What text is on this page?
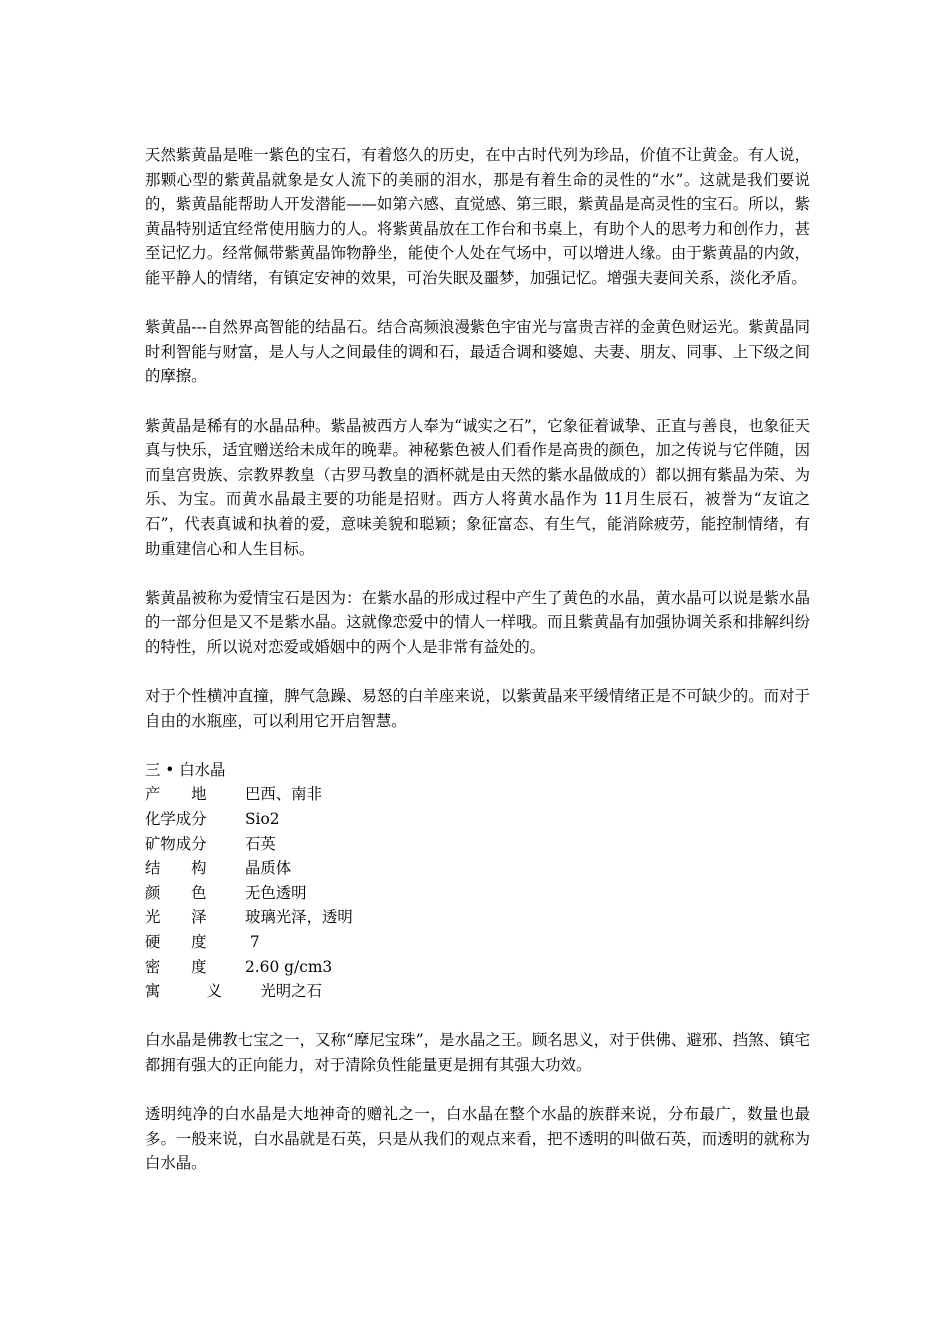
天然紫黄晶是唯一紫色的宝石，有着悠久的历史，在中古时代列为珍品，价值不让黄金。有人说，那颗心型的紫黄晶就象是女人流下的美丽的泪水，那是有着生命的灵性的“水”。这就是我们要说的，紫黄晶能帮助人开发潜能——如第六感、直觉感、第三眼，紫黄晶是高灵性的宝石。所以，紫黄晶特别适宜经常使用脑力的人。将紫黄晶放在工作台和书桌上，有助个人的思考力和创作力，甚至记忆力。经常佩带紫黄晶饰物静坐，能使个人处在气场中，可以增进人缘。由于紫黄晶的内敛，能平静人的情绪，有镇定安神的效果，可治失眠及噩梦，加强记忆。增强夫妻间关系，淡化矛盾。

紫黄晶---自然界高智能的结晶石。结合高频浪漫紫色宇宙光与富贵吉祥的金黄色财运光。紫黄晶同时利智能与财富，是人与人之间最佳的调和石，最适合调和婆媳、夫妻、朋友、同事、上下级之间的摩擦。

紫黄晶是稀有的水晶品种。紫晶被西方人奉为“诚实之石”，它象征着诚挚、正直与善良，也象征天真与快乐，适宜赠送给未成年的晚辈。神秘紫色被人们看作是高贵的颜色，加之传说与它伴随，因而皇宫贵族、宗教界教皇（古罗马教皇的酒杯就是由天然的紫水晶做成的）都以拥有紫晶为荣、为乐、为宝。而黄水晶最主要的功能是招财。西方人将黄水晶作为 11月生辰石，被誉为“友谊之石”，代表真诚和执着的爱，意味美貌和聪颖；象征富态、有生气，能消除疲劳，能控制情绪，有助重建信心和人生目标。

紫黄晶被称为爱情宝石是因为：在紫水晶的形成过程中产生了黄色的水晶，黄水晶可以说是紫水晶的一部分但是又不是紫水晶。这就像恋爱中的情人一样哦。而且紫黄晶有加强协调关系和排解纠纷的特性，所以说对恋爱或婚姻中的两个人是非常有益处的。

对于个性横冲直撞，脾气急躁、易怒的白羊座来说，以紫黄晶来平缓情绪正是不可缺少的。而对于自由的水瓶座，可以利用它开启智慧。

三 • 白水晶

产　　地	巴西、南非
化学成分	Sio2
矿物成分	石英
结　　构	晶质体
颜　　色	无色透明
光　　泽	玻璃光泽，透明
硬　　度	7
密　　度	2.60 g/cm3
寓　　　义	　光明之石

白水晶是佛教七宝之一，又称“摩尼宝珠”，是水晶之王。顾名思义，对于供佛、避邪、挡煞、镇宅都拥有强大的正向能力，对于清除负性能量更是拥有其强大功效。

透明纯净的白水晶是大地神奇的赠礼之一，白水晶在整个水晶的族群来说，分布最广，数量也最多。一般来说，白水晶就是石英，只是从我们的观点来看，把不透明的叫做石英，而透明的就称为白水晶。
